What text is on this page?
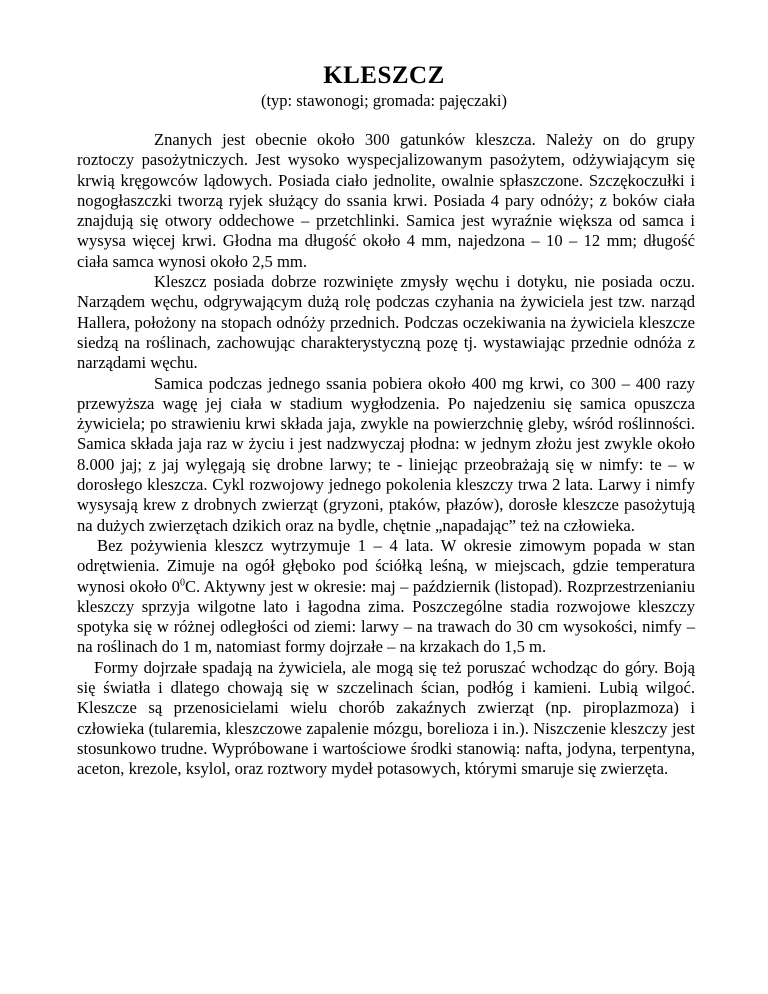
KLESZCZ
(typ: stawonogi; gromada: pajęczaki)

Znanych jest obecnie około 300 gatunków kleszcza. Należy on do grupy roztoczy pasożytniczych. Jest wysoko wyspecjalizowanym pasożytem, odżywiającym się krwią kręgowców lądowych. Posiada ciało jednolite, owalnie spłaszczone. Szczękoczułki i nogogłaszczki tworzą ryjek służący do ssania krwi. Posiada 4 pary odnóży; z boków ciała znajdują się otwory oddechowe – przetchlinki. Samica jest wyraźnie większa od samca i wysysa więcej krwi. Głodna ma długość około 4 mm, najedzona – 10 – 12 mm; długość ciała samca wynosi około 2,5 mm.

Kleszcz posiada dobrze rozwinięte zmysły węchu i dotyku, nie posiada oczu. Narządem węchu, odgrywającym dużą rolę podczas czyhania na żywiciela jest tzw. narząd Hallera, położony na stopach odnóży przednich. Podczas oczekiwania na żywiciela kleszcze siedzą na roślinach, zachowując charakterystyczną pozę tj. wystawiając przednie odnóża z narządami węchu.

Samica podczas jednego ssania pobiera około 400 mg krwi, co 300 – 400 razy przewyższa wagę jej ciała w stadium wygłodzenia. Po najedzeniu się samica opuszcza żywiciela; po strawieniu krwi składa jaja, zwykle na powierzchnię gleby, wśród roślinności. Samica składa jaja raz w życiu i jest nadzwyczaj płodna: w jednym złożu jest zwykle około 8.000 jaj; z jaj wylęgają się drobne larwy; te - liniejąc przeobrażają się w nimfy: te – w dorosłego kleszcza. Cykl rozwojowy jednego pokolenia kleszczy trwa 2 lata. Larwy i nimfy wysysają krew z drobnych zwierząt (gryzoni, ptaków, płazów), dorosłe kleszcze pasożytują na dużych zwierzętach dzikich oraz na bydle, chętnie „napadając” też na człowieka.

Bez pożywienia kleszcz wytrzymuje 1 – 4 lata. W okresie zimowym popada w stan odrętwienia. Zimuje na ogół głęboko pod ściółką leśną, w miejscach, gdzie temperatura wynosi około $0^0C$. Aktywny jest w okresie: maj – październik (listopad). Rozprzestrzenianiu kleszczy sprzyja wilgotne lato i łagodna zima. Poszczególne stadia rozwojowe kleszczy spotyka się w różnej odległości od ziemi: larwy – na trawach do 30 cm wysokości, nimfy – na roślinach do 1 m, natomiast formy dojrzałe – na krzakach do 1,5 m.

Formy dojrzałe spadają na żywiciela, ale mogą się też poruszać wchodząc do góry. Boją się światła i dlatego chowają się w szczelinach ścian, podłóg i kamieni. Lubią wilgoć. Kleszcze są przenosicielami wielu chorób zakaźnych zwierząt (np. piroplazmoza) i człowieka (tularemia, kleszczowe zapalenie mózgu, borelioza i in.). Niszczenie kleszczy jest stosunkowo trudne. Wypróbowane i wartościowe środki stanowią: nafta, jodyna, terpentyna, aceton, krezole, ksylol, oraz roztwory mydeł potasowych, którymi smaruje się zwierzęta.
